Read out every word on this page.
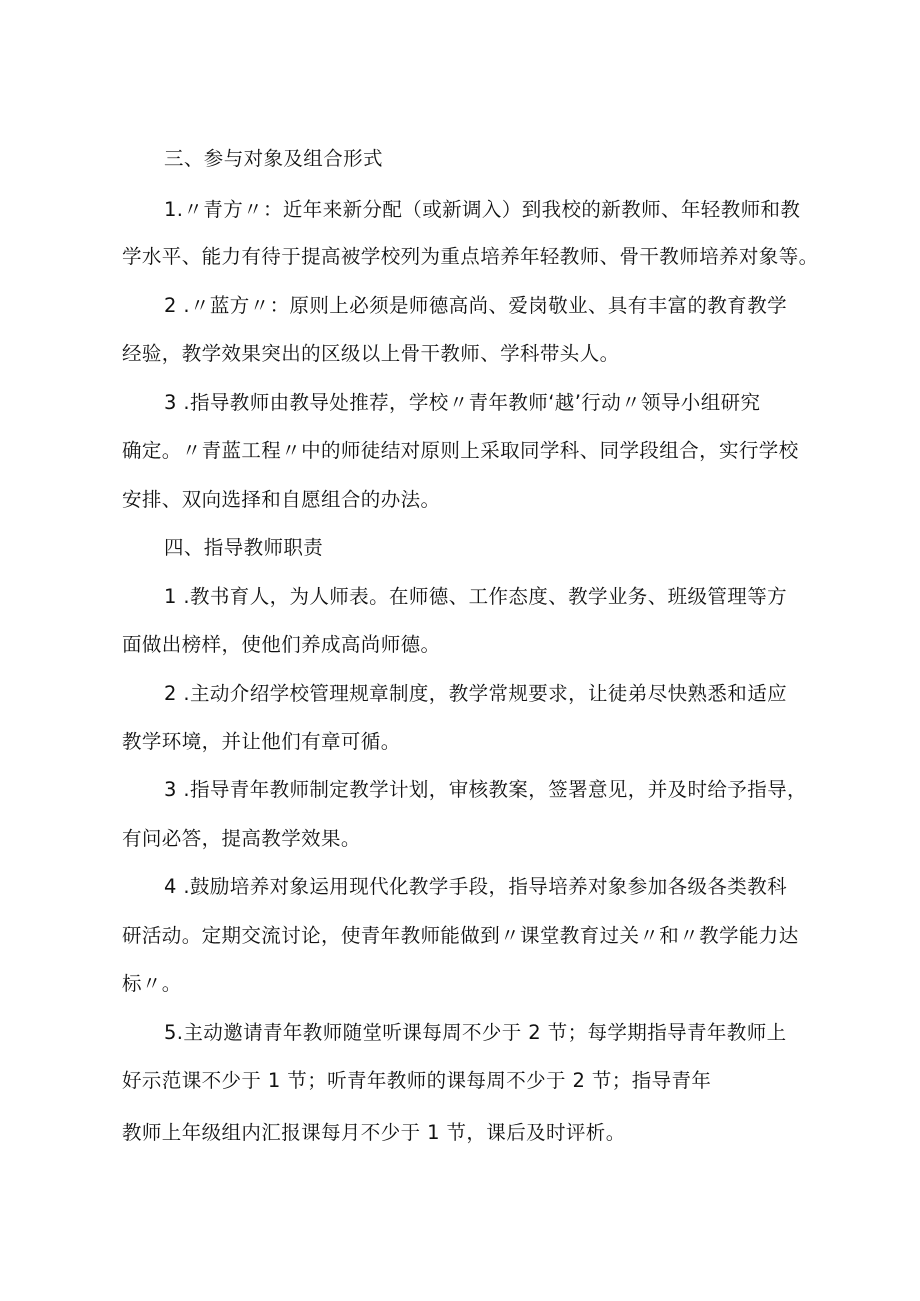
三、参与对象及组合形式
1.〃青方〃：近年来新分配（或新调入）到我校的新教师、年轻教师和教
学水平、能力有待于提高被学校列为重点培养年轻教师、骨干教师培养对象等。
2 .〃蓝方〃：原则上必须是师德高尚、爱岗敬业、具有丰富的教育教学
经验，教学效果突出的区级以上骨干教师、学科带头人。
3 .指导教师由教导处推荐，学校〃青年教师‘越’行动〃领导小组研究
确定。〃青蓝工程〃中的师徒结对原则上采取同学科、同学段组合，实行学校
安排、双向选择和自愿组合的办法。
四、指导教师职责
1 .教书育人，为人师表。在师德、工作态度、教学业务、班级管理等方
面做出榜样，使他们养成高尚师德。
2 .主动介绍学校管理规章制度，教学常规要求，让徒弟尽快熟悉和适应
教学环境，并让他们有章可循。
3 .指导青年教师制定教学计划，审核教案，签署意见，并及时给予指导，
有问必答，提高教学效果。
4 .鼓励培养对象运用现代化教学手段，指导培养对象参加各级各类教科
研活动。定期交流讨论，使青年教师能做到〃课堂教育过关〃和〃教学能力达
标〃。
5.主动邀请青年教师随堂听课每周不少于 2 节；每学期指导青年教师上
好示范课不少于 1 节；听青年教师的课每周不少于 2 节；指导青年
教师上年级组内汇报课每月不少于 1 节，课后及时评析。
